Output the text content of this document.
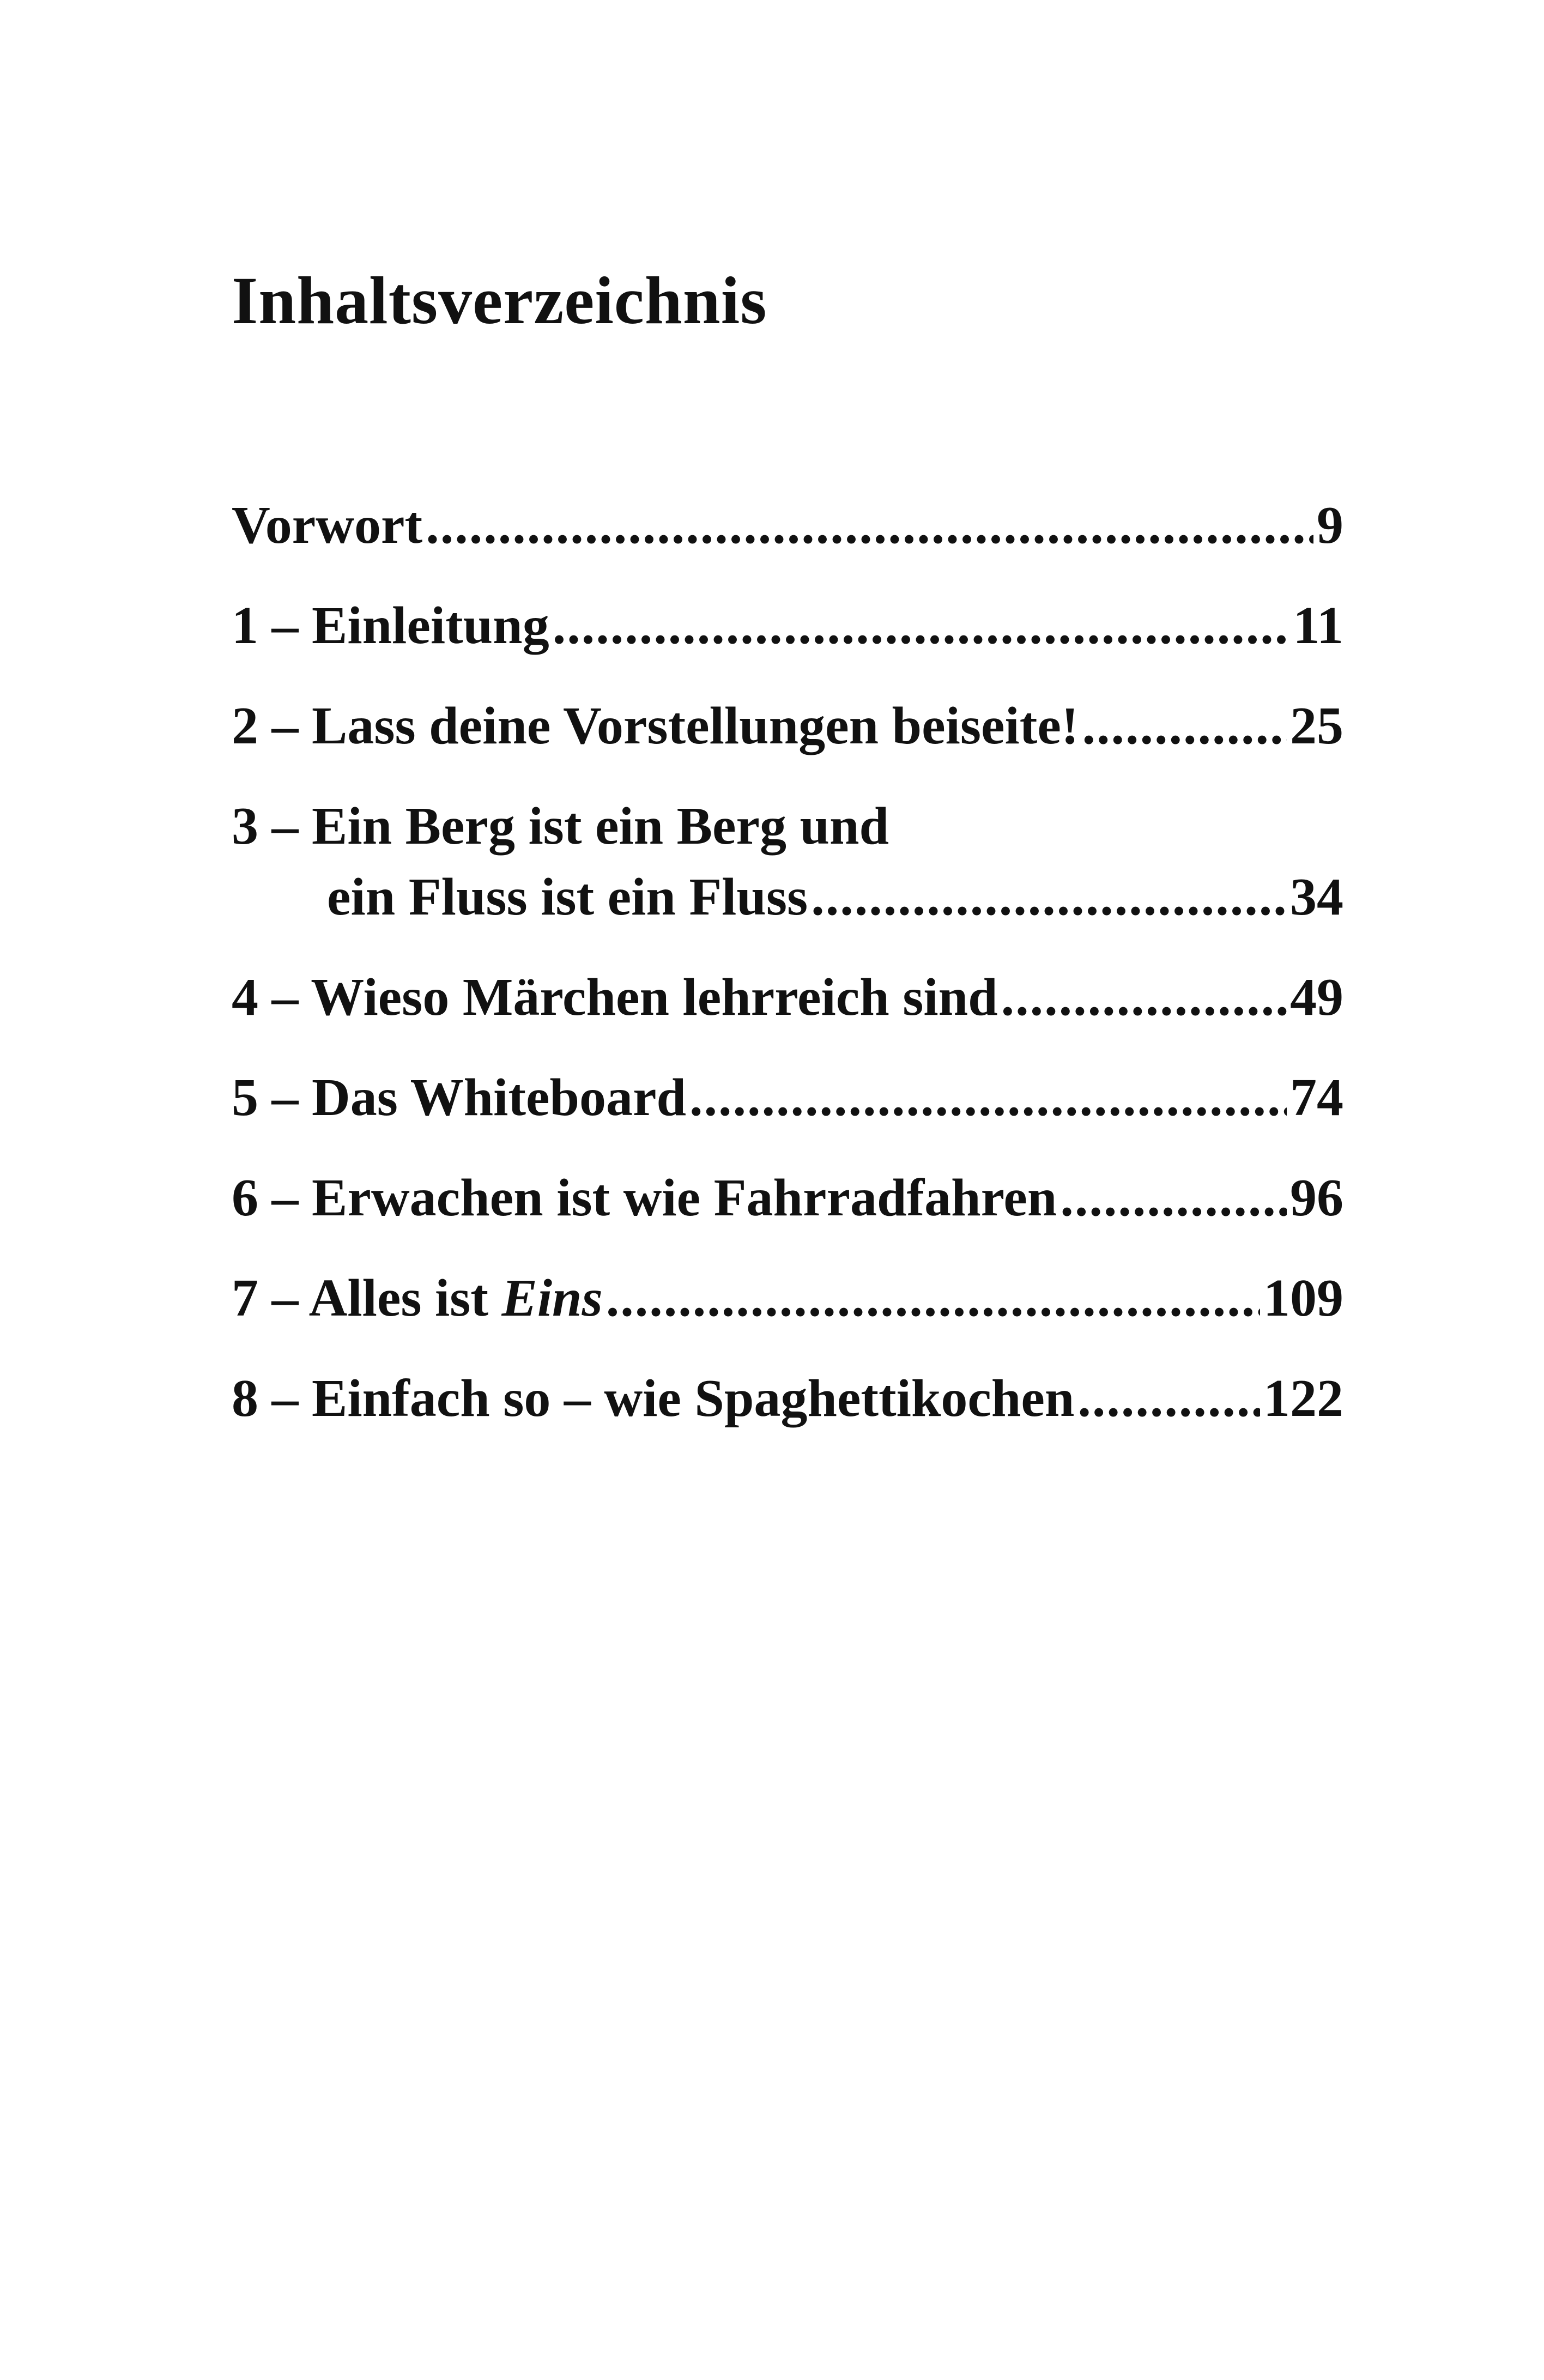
Inhaltsverzeichnis
Vorwort .....	9
1 – Einleitung .....	11
2 – Lass deine Vorstellungen beiseite! .....	25
3 – Ein Berg ist ein Berg und
ein Fluss ist ein Fluss .....	34
4 – Wieso Märchen lehrreich sind .....	49
5 – Das Whiteboard .....	74
6 – Erwachen ist wie Fahrradfahren .....	96
7 – Alles ist Eins .....	109
8 – Einfach so – wie Spaghettikochen .....	122
